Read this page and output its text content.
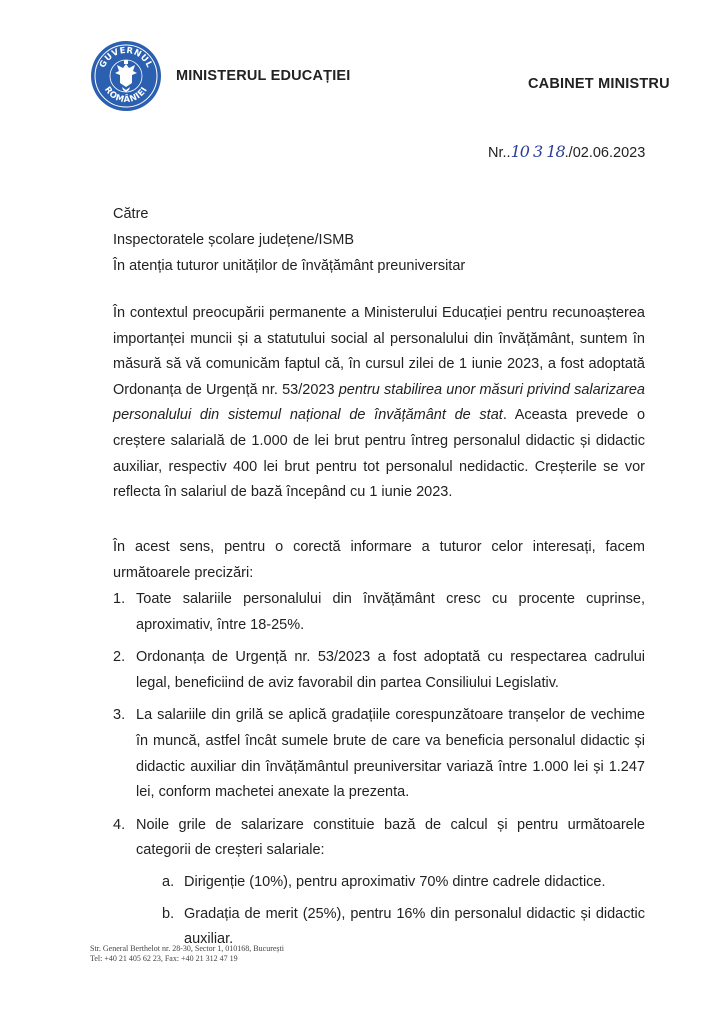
GUVERNUL
ROMÂNIEI
MINISTERUL EDUCAȚIEI	CABINET MINISTRU
Nr..10 3 18./02.06.2023
Către
Inspectoratele școlare județene/ISMB
În atenția tuturor unităților de învățământ preuniversitar

În contextul preocupării permanente a Ministerului Educației pentru recunoașterea importanței muncii și a statutului social al personalului din învățământ, suntem în măsură să vă comunicăm faptul că, în cursul zilei de 1 iunie 2023, a fost adoptată Ordonanța de Urgență nr. 53/2023 pentru stabilirea unor măsuri privind salarizarea personalului din sistemul național de învățământ de stat. Aceasta prevede o creștere salarială de 1.000 de lei brut pentru întreg personalul didactic și didactic auxiliar, respectiv 400 lei brut pentru tot personalul nedidactic. Creșterile se vor reflecta în salariul de bază începând cu 1 iunie 2023.

În acest sens, pentru o corectă informare a tuturor celor interesați, facem următoarele precizări:

1. Toate salariile personalului din învățământ cresc cu procente cuprinse, aproximativ, între 18-25%.
2. Ordonanța de Urgență nr. 53/2023 a fost adoptată cu respectarea cadrului legal, beneficiind de aviz favorabil din partea Consiliului Legislativ.
3. La salariile din grilă se aplică gradațiile corespunzătoare tranșelor de vechime în muncă, astfel încât sumele brute de care va beneficia personalul didactic și didactic auxiliar din învățământul preuniversitar variază între 1.000 lei și 1.247 lei, conform machetei anexate la prezenta.
4. Noile grile de salarizare constituie bază de calcul și pentru următoarele categorii de creșteri salariale:
a. Dirigenție (10%), pentru aproximativ 70% dintre cadrele didactice.
b. Gradația de merit (25%), pentru 16% din personalul didactic și didactic auxiliar.
Str. General Berthelot nr. 28-30, Sector 1, 010168, București
Tel: +40 21 405 62 23, Fax: +40 21 312 47 19
